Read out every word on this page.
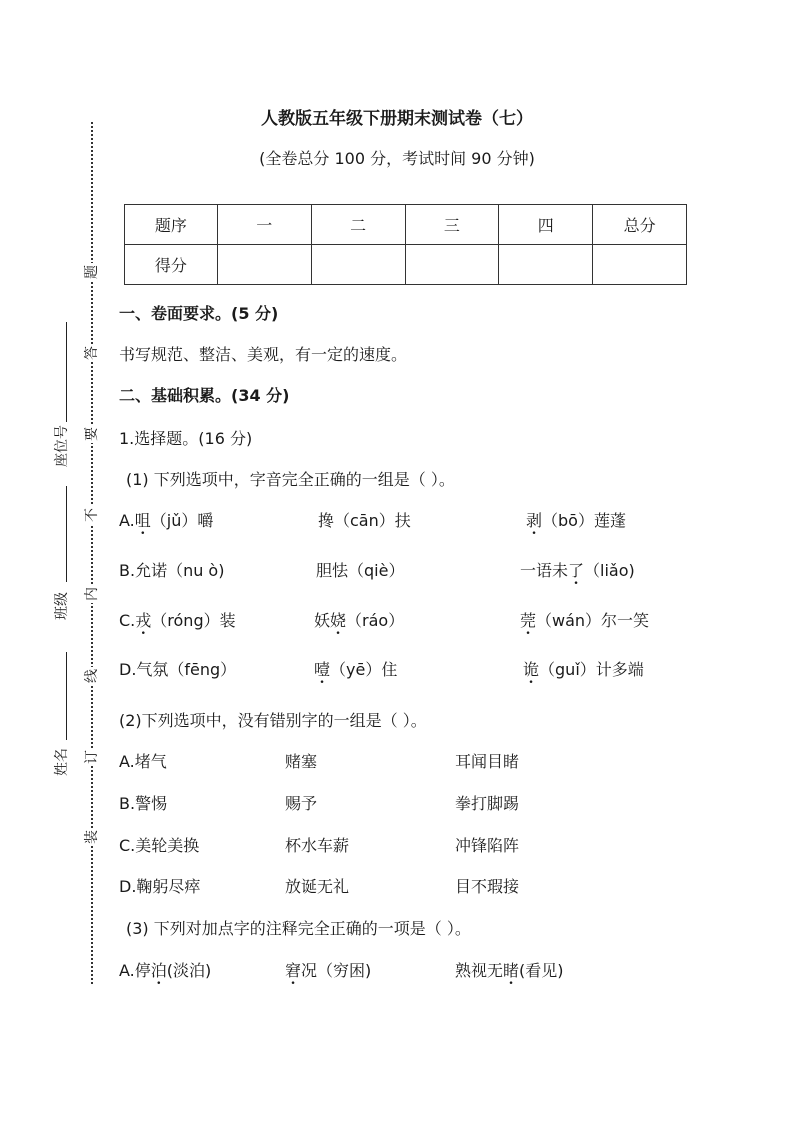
题
答
要
不
内
线
订
装
座位号
班级
姓名
人教版五年级下册期末测试卷（七）
(全卷总分 100 分，考试时间 90 分钟)
题序	一	二	三	四	总分
得分					
一、卷面要求。(5 分)
书写规范、整洁、美观，有一定的速度。
二、基础积累。(34 分)
1.选择题。(16 分)
(1) 下列选项中，字音完全正确的一组是（ ）。
A.咀（jǔ）嚼	搀（cān）扶	剥（bō）莲蓬
B.允诺（nu ò)	胆怯（qiè）	一语未了（liǎo)
C.戎（róng）装	妖娆（ráo）	莞（wán）尔一笑
D.气氛（fēng）	噎（yē）住	诡（guǐ）计多端
(2)下列选项中，没有错别字的一组是（ ）。
A.堵气	赌塞	耳闻目睹
B.警惕	赐予	拳打脚踢
C.美轮美换	杯水车薪	冲锋陷阵
D.鞠躬尽瘁	放诞无礼	目不瑕接
(3) 下列对加点字的注释完全正确的一项是（ ）。
A.停泊(淡泊)	窘况（穷困)	熟视无睹(看见)
